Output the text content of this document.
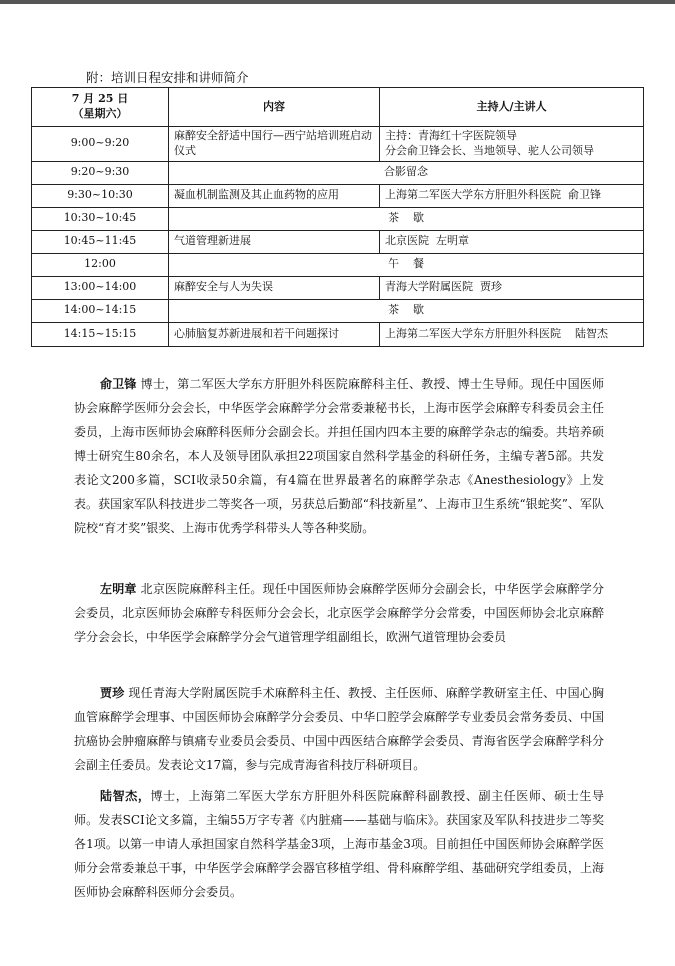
附：培训日程安排和讲师简介
7 月 25 日
（星期六）	内容	主持人/主讲人
9:00~9:20	麻醉安全舒适中国行—西宁站培训班启动仪式	主持：青海红十字医院领导
分会俞卫锋会长、当地领导、驼人公司领导
9:20~9:30	合影留念	
9:30~10:30	凝血机制监测及其止血药物的应用	上海第二军医大学东方肝胆外科医院  俞卫锋
10:30~10:45	茶    歇	
10:45~11:45	气道管理新进展	北京医院  左明章
12:00	午    餐	
13:00~14:00	麻醉安全与人为失误	青海大学附属医院  贾珍
14:00~14:15	茶    歇	
14:15~15:15	心肺脑复苏新进展和若干问题探讨	上海第二军医大学东方肝胆外科医院    陆智杰

俞卫锋 博士，第二军医大学东方肝胆外科医院麻醉科主任、教授、博士生导师。现任中国医师协会麻醉学医师分会会长，中华医学会麻醉学分会常委兼秘书长，上海市医学会麻醉专科委员会主任委员，上海市医师协会麻醉科医师分会副会长。并担任国内四本主要的麻醉学杂志的编委。共培养硕博士研究生80余名，本人及领导团队承担22项国家自然科学基金的科研任务，主编专著5部。共发表论文200多篇，SCI收录50余篇，有4篇在世界最著名的麻醉学杂志《Anesthesiology》上发表。获国家军队科技进步二等奖各一项，另获总后勤部“科技新星”、上海市卫生系统“银蛇奖”、军队院校“育才奖”银奖、上海市优秀学科带头人等各种奖励。

左明章 北京医院麻醉科主任。现任中国医师协会麻醉学医师分会副会长，中华医学会麻醉学分会委员，北京医师协会麻醉专科医师分会会长，北京医学会麻醉学分会常委，中国医师协会北京麻醉学分会会长，中华医学会麻醉学分会气道管理学组副组长，欧洲气道管理协会委员

贾珍 现任青海大学附属医院手术麻醉科主任、教授、主任医师、麻醉学教研室主任、中国心胸血管麻醉学会理事、中国医师协会麻醉学分会委员、中华口腔学会麻醉学专业委员会常务委员、中国抗癌协会肿瘤麻醉与镇痛专业委员会委员、中国中西医结合麻醉学会委员、青海省医学会麻醉学科分会副主任委员。发表论文17篇，参与完成青海省科技厅科研项目。

陆智杰，博士，上海第二军医大学东方肝胆外科医院麻醉科副教授、副主任医师、硕士生导师。发表SCI论文多篇，主编55万字专著《内脏痛——基础与临床》。获国家及军队科技进步二等奖各1项。以第一申请人承担国家自然科学基金3项，上海市基金3项。目前担任中国医师协会麻醉学医师分会常委兼总干事，中华医学会麻醉学会器官移植学组、骨科麻醉学组、基础研究学组委员，上海医师协会麻醉科医师分会委员。
